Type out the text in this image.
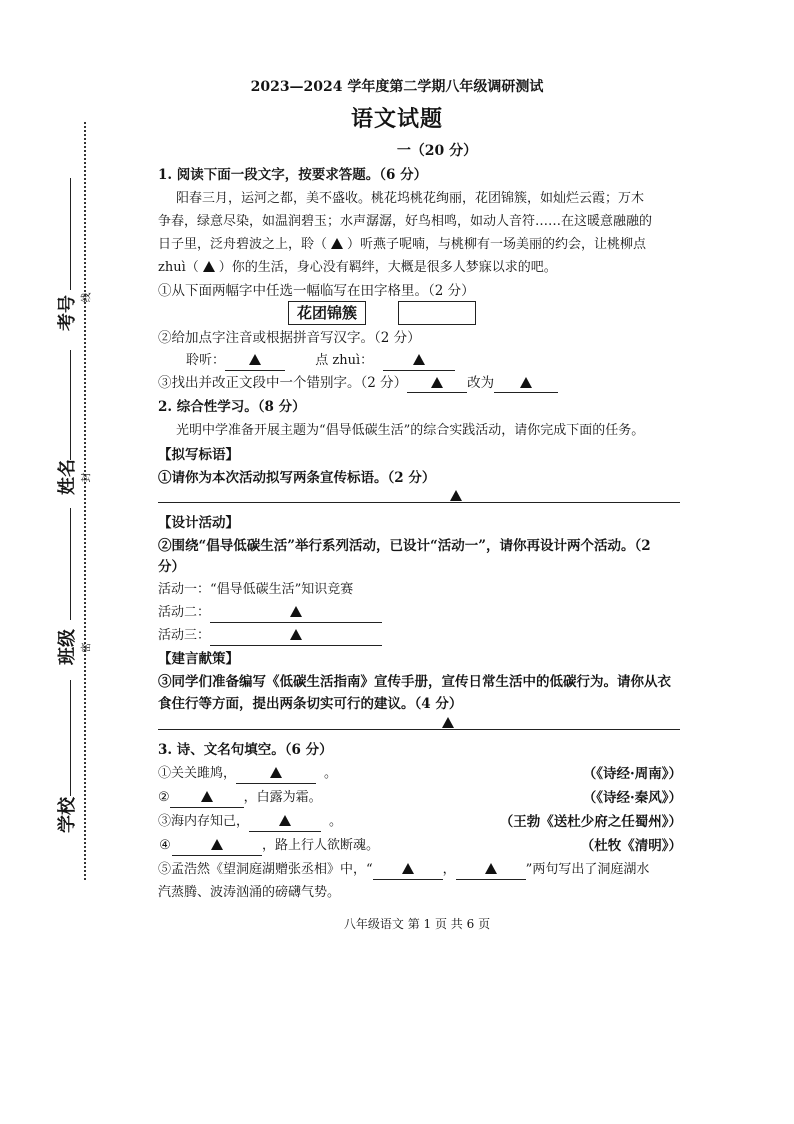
线
封
密
考号
姓名
班级
学校
2023—2024 学年度第二学期八年级调研测试
语文试题
一（20 分）
1. 阅读下面一段文字，按要求答题。（6 分）
阳春三月，运河之都，美不盛收。桃花坞桃花绚丽，花团锦簇，如灿烂云霞；万木
争春，绿意尽染，如温润碧玉；水声潺潺，好鸟相鸣，如动人音符……在这暖意融融的
日子里，泛舟碧波之上，聆（ ）听燕子呢喃，与桃柳有一场美丽的约会，让桃柳点
zhuì（ ）你的生活，身心没有羁绊，大概是很多人梦寐以求的吧。
①从下面两幅字中任选一幅临写在田字格里。（2 分）
花团锦簇
②给加点字注音或根据拼音写汉字。（2 分）
聆听：	点 zhuì：
③找出并改正文段中一个错别字。（2 分）	改为
2. 综合性学习。（8 分）
光明中学准备开展主题为“倡导低碳生活”的综合实践活动，请你完成下面的任务。
【拟写标语】
①请你为本次活动拟写两条宣传标语。（2 分）
【设计活动】
②围绕“倡导低碳生活”举行系列活动，已设计“活动一”，请你再设计两个活动。（2
分）
活动一：“倡导低碳生活”知识竞赛
活动二：
活动三：
【建言献策】
③同学们准备编写《低碳生活指南》宣传手册，宣传日常生活中的低碳行为。请你从衣
食住行等方面，提出两条切实可行的建议。（4 分）
3. 诗、文名句填空。（6 分）
①关关雎鸠，	。	（《诗经·周南》）
②	，白露为霜。	（《诗经·秦风》）
③海内存知己，	。	（王勃《送杜少府之任蜀州》）
④	，路上行人欲断魂。	（杜牧《清明》）
⑤孟浩然《望洞庭湖赠张丞相》中，“	，	”两句写出了洞庭湖水
汽蒸腾、波涛汹涌的磅礴气势。
八年级语文 第 1 页 共 6 页
